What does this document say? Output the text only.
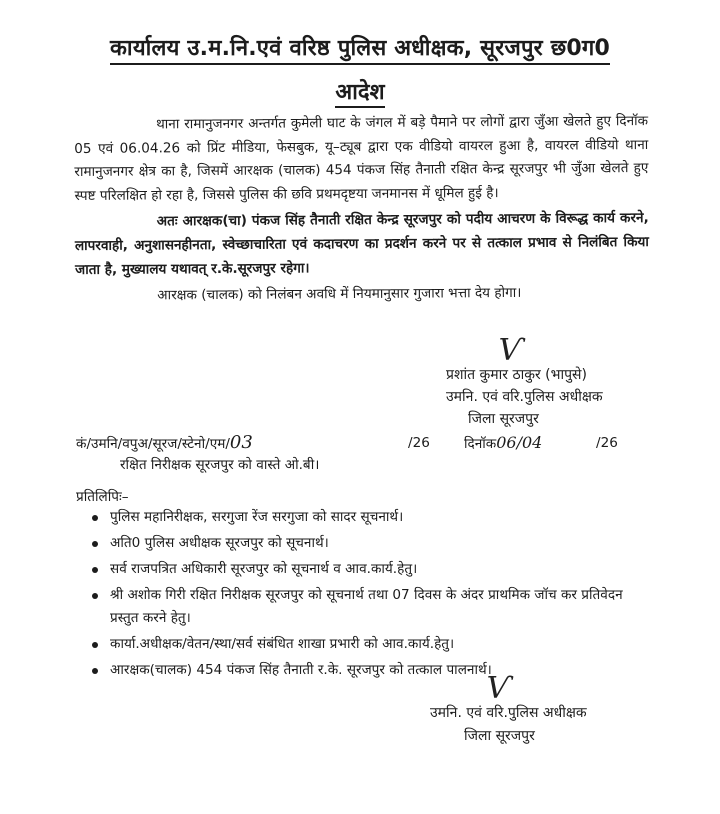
कार्यालय उ.म.नि.एवं वरिष्ठ पुलिस अधीक्षक, सूरजपुर छ0ग0
आदेश

थाना रामानुजनगर अन्तर्गत कुमेली घाट के जंगल में बड़े पैमाने पर लोगों द्वारा जुँआ खेलते हुए दिनॉक 05 एवं 06.04.26 को प्रिंट मीडिया, फेसबुक, यू–ट्यूब द्वारा एक वीडियो वायरल हुआ है, वायरल वीडियो थाना रामानुजनगर क्षेत्र का है, जिसमें आरक्षक (चालक) 454 पंकज सिंह तैनाती रक्षित केन्द्र सूरजपुर भी जुँआ खेलते हुए स्पष्ट परिलक्षित हो रहा है, जिससे पुलिस की छवि प्रथमदृष्टया जनमानस में धूमिल हुई है।

अतः आरक्षक(चा) पंकज सिंह तैनाती रक्षित केन्द्र सूरजपुर को पदीय आचरण के विरूद्ध कार्य करने, लापरवाही, अनुशासनहीनता, स्वेच्छाचारिता एवं कदाचरण का प्रदर्शन करने पर से तत्काल प्रभाव से निलंबित किया जाता है, मुख्यालय यथावत् र.के.सूरजपुर रहेगा।

आरक्षक (चालक) को निलंबन अवधि में नियमानुसार गुजारा भत्ता देय होगा।

Ѵ
प्रशांत कुमार ठाकुर (भापुसे)
उमनि. एवं वरि.पुलिस अधीक्षक
जिला सूरजपुर
कं/उमनि/वपुअ/सूरज/स्टेनो/एम/03	/26	दिनॉक06/04	/26
रक्षित निरीक्षक सूरजपुर को वास्ते ओ.बी।
प्रतिलिपिः–
पुलिस महानिरीक्षक, सरगुजा रेंज सरगुजा को सादर सूचनार्थ।
अति0 पुलिस अधीक्षक सूरजपुर को सूचनार्थ।
सर्व राजपत्रित अधिकारी सूरजपुर को सूचनार्थ व आव.कार्य.हेतु।
श्री अशोक गिरी रक्षित निरीक्षक सूरजपुर को सूचनार्थ तथा 07 दिवस के अंदर प्राथमिक जॉच कर प्रतिवेदन प्रस्तुत करने हेतु।
कार्या.अधीक्षक/वेतन/स्था/सर्व संबंधित शाखा प्रभारी को आव.कार्य.हेतु।
आरक्षक(चालक) 454 पंकज सिंह तैनाती र.के. सूरजपुर को तत्काल पालनार्थ।
Ѵ
उमनि. एवं वरि.पुलिस अधीक्षक
जिला सूरजपुर
